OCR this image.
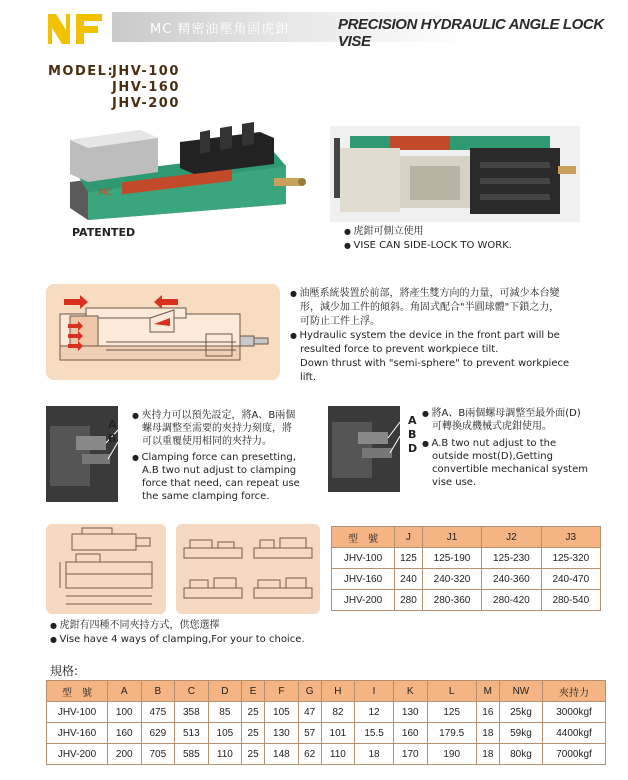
MC 精密油壓角固虎鉗	PRECISION HYDRAULIC ANGLE LOCK VISE
MODEL:
JHV-100
JHV-160
JHV-200
MC
PATENTED	● 虎鉗可側立使用
● VISE CAN SIDE-LOCK TO WORK.
● 油壓系統裝置於前部，將產生雙方向的力量，可減少本台變
形，減少加工件的傾斜。角固式配合"半圓球體"下鎖之力，
可防止工件上浮。
● Hydraulic system the device in the front part will be
resulted force to prevent workpiece tilt.
Down thrust with "semi-sphere" to prevent workpiece
lift.
A
B
● 夾持力可以預先設定，將A、B兩個
螺母調整至需要的夾持力刻度，將
可以重覆使用相同的夾持力。
● Clamping force can presetting,
A.B two nut adjust to clamping
force that need, can repeat use
the same clamping force.
A
B
D
● 將A、B兩個螺母調整至最外面(D)
可轉換成機械式虎鉗使用。
● A.B two nut adjust to the
outside most(D),Getting
convertible mechanical system
vise use.
型　號	J	J1	J2	J3
JHV-100	125	125-190	125-230	125-320
JHV-160	240	240-320	240-360	240-470
JHV-200	280	280-360	280-420	280-540
● 虎鉗有四種不同夾持方式，供您選擇
● Vise have 4 ways of clamping,For your to choice.
規格:
型　號	A	B	C	D	E	F	G	H	I	K	L	M	NW	夾持力
JHV-100	100	475	358	85	25	105	47	82	12	130	125	16	25kg	3000kgf
JHV-160	160	629	513	105	25	130	57	101	15.5	160	179.5	18	59kg	4400kgf
JHV-200	200	705	585	110	25	148	62	110	18	170	190	18	80kg	7000kgf
